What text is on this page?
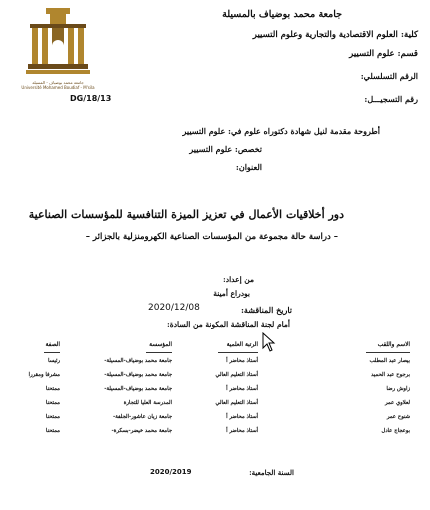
جامعة محمد بوضياف بالمسيلة
كلية: العلوم الاقتصادية والتجارية وعلوم التسيير
قسم: علوم التسيير
جامعة محمد بوضياف - المسيلة
Université Mohamed Boudiaf - M'sila
الرقم التسلسلي:
رقم التسجيـــل:
DG/18/13
أطروحة مقدمة لنيل شهادة دكتوراه علوم في: علوم التسيير
تخصص: علوم التسيير
العنوان:
دور أخلاقيات الأعمال في تعزيز الميزة التنافسية للمؤسسات الصناعية
– دراسة حالة مجموعة من المؤسسات الصناعية الكهرومنزلية بالجزائر –
من إعداد:
بودراع أمينة
تاريخ المناقشة:
2020/12/08
أمام لجنة المناقشة المكونة من السادة:
الاسم واللقب
الرتبة العلمية
المؤسسة
الصفة
بيصار عبد المطلب
أستاذ محاضر أ
جامعة محمد بوضياف-المسيلة-
رئيسا
برجوح عبد الحميد
أستاذ التعليم العالي
جامعة محمد بوضياف-المسيلة-
مشرفا ومقررا
زاوش رضا
أستاذ محاضر أ
جامعة محمد بوضياف-المسيلة-
ممتحنا
لعلاوي عمر
أستاذ التعليم العالي
المدرسة العليا للتجارة
ممتحنا
شنوح عمر
أستاذ محاضر أ
جامعة زيان عاشور-الجلفة-
ممتحنا
بوعجاج عادل
أستاذ محاضر أ
جامعة محمد خيضر-بسكرة-
ممتحنا
السنة الجامعية:
2020/2019
